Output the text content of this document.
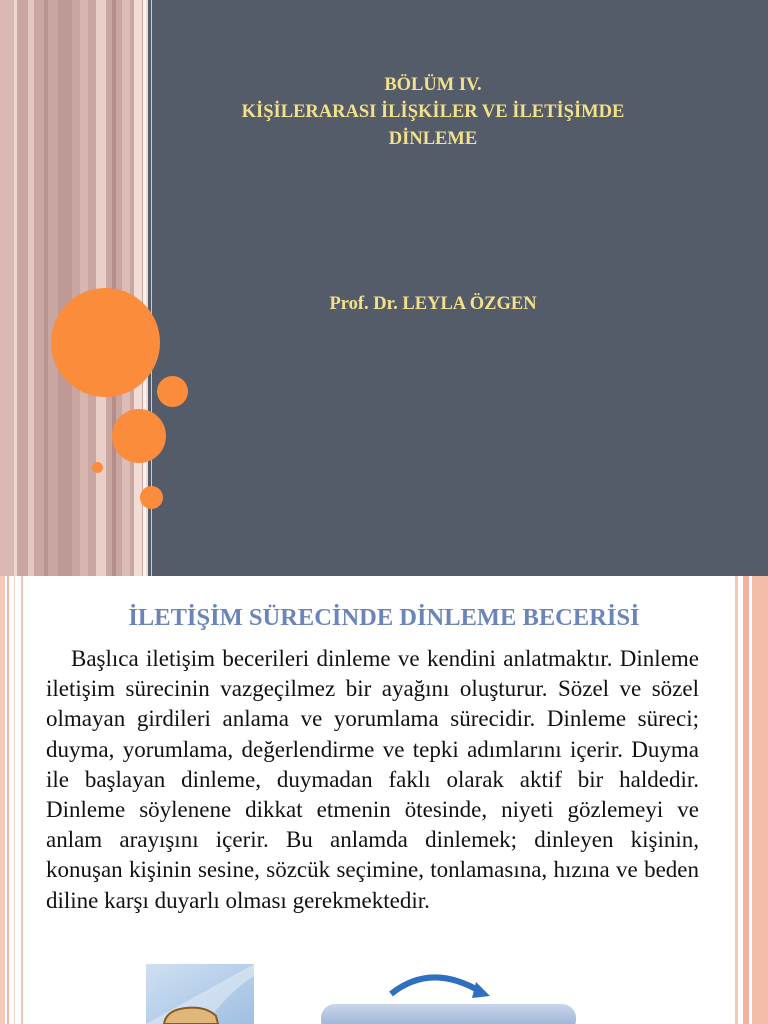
BÖLÜM IV.
KİŞİLERARASI İLİŞKİLER VE İLETİŞİMDE
DİNLEME
Prof. Dr. LEYLA ÖZGEN
İLETİŞİM SÜRECİNDE DİNLEME BECERİSİ

Başlıca iletişim becerileri dinleme ve kendini anlatmaktır. Dinleme iletişim sürecinin vazgeçilmez bir ayağını oluşturur. Sözel ve sözel olmayan girdileri anlama ve yorumlama sürecidir. Dinleme süreci; duyma, yorumlama, değerlendirme ve tepki adımlarını içerir. Duyma ile başlayan dinleme, duymadan faklı olarak aktif bir haldedir. Dinleme söylenene dikkat etmenin ötesinde, niyeti gözlemeyi ve anlam arayışını içerir. Bu anlamda dinlemek; dinleyen kişinin, konuşan kişinin sesine, sözcük seçimine, tonlamasına, hızına ve beden diline karşı duyarlı olması gerekmektedir.
